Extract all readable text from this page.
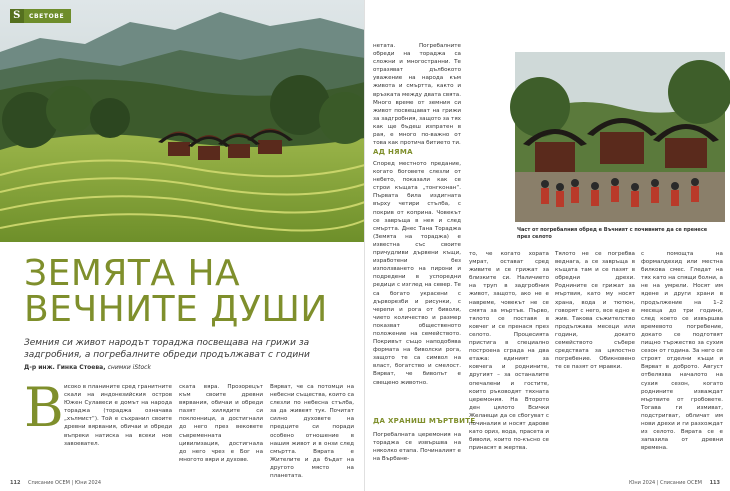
S	СВЕТОВЕ
ЗЕМЯТА НА
ВЕЧНИТЕ ДУШИ
Земния си живот народът тораджа посвещава на грижи за задгробния, а погребалните обреди продължават с години
Д-р инж. Гинка Стоева, снимки iStock
В исоко в планините сред гранитните скали на индонезийския остров Южен Сулавеси е домът на народа тораджа (тораджа означава „хълмист“). Той е съхранил своите древни вярвания, обичаи и обреди въпреки натиска на всеки нов завоевател.
ската вяра. Прозорецът към своите древни вярвания, обичаи и обреди пазят хилядите си поклонници, а достигнали до него през вековете съвременната цивилизация, достигнала до него чрез е Бог на многото вяри и духове.
Вярват, че са потомци на небесни същества, които са слезли по небесна стълба, за да живеят тук. Почитат силно духовете на предците си поради особено отношение в нашия живот и в онзи след смъртта. Вярата е Жителите и да бъдат на другото място на планетата.
112 Списание ОСЕМ | Юни 2024
нетата. Погребалните обреди на тораджа са сложни и многостранни. Те отразяват дълбокото уважение на народа към живота и смъртта, както и връзката между двата свята. Много време от земния си живот посвещават на грижи за задгробния, защото за тях как ще бъдеш изпратен в рая, е много по-важно от това как протича битието ти.
АД НЯМА
Според местното предание, когато боговете слезли от небето, показали как се строи къщата „тонгконан“. Първата била издигната върху четири стълба, с покрив от коприна. Човекът се завръща в нея и след смъртта. Днес Тана Тораджа (Земята на тораджа) е известна със своите причудливи дървени къщи, изработени без използването на пирони и подредени в успоредни редици с изглед на север. Те са богато украсени с дърворезби и рисунки, с черепи и рога от биволи, чието количество и размер показват общественото положение на семейството. Покривът също наподобява формата на биволски рога, защото те са символ на власт, богатство и смелост. Вярват, че биволът е свещено животно.
ДА ХРАНИШ МЪРТВИТЕ
Погребалната церемония на тораджа се извършва на няколко етапа. Починалият е на Върбане-
Част от погребалния обред е Въчният с почивните да се пренесе през селото
то, че когато хората умрат, остават сред живите и се грижат за близките си. Наличието на труп в задгробния живот, защото, ако не е навреме, човекът не се смята за мъртъв. Първо, тялото се поставя в ковчег и се пренася през селото. Процесията пристига в специално построена сграда на два етажа: единият за ковчега и роднините, другият – за останалите опечалени и гостите, които ръководят тяхната церемония. На Второто ден цялото Всички Желаещи да се сбогуват с починалия и носят дарове като ориз, вода, прасета и биволи, които по-късно се принасят в жертва.
Тялото не се погребва веднага, а се завръща в къщата там и се пазят в обредни дрехи. Роднините се грижат за мъртвия, като му носят храна, вода и тютюн, говорят с него, все едно е жив. Такова съжителство продължава месеци или години, докато семейството събере средствата за цялостно погребение. Обикновено те се пазят от мравки.
с помощта на формалдехид или местна билкова смес. Гледат на тях като на спящи болни, а не на умрели. Носят им ядене и други храни в продължение на 1–2 месеца до три години, след което се извършва времевото погребение, докато се подготвят пищно тържество за сухия сезон от година. За него се строят отделни къщи и Вярват в доброто. Август отбелязва началото на сухия сезон, когато роднините изваждат мъртвите от гробовете. Тогава ги измиват, подстригват, обличат им нови дрехи и ги разхождат из селото. Вярата се е запазила от древни времена.
Юни 2024 | Списание ОСЕМ 113
